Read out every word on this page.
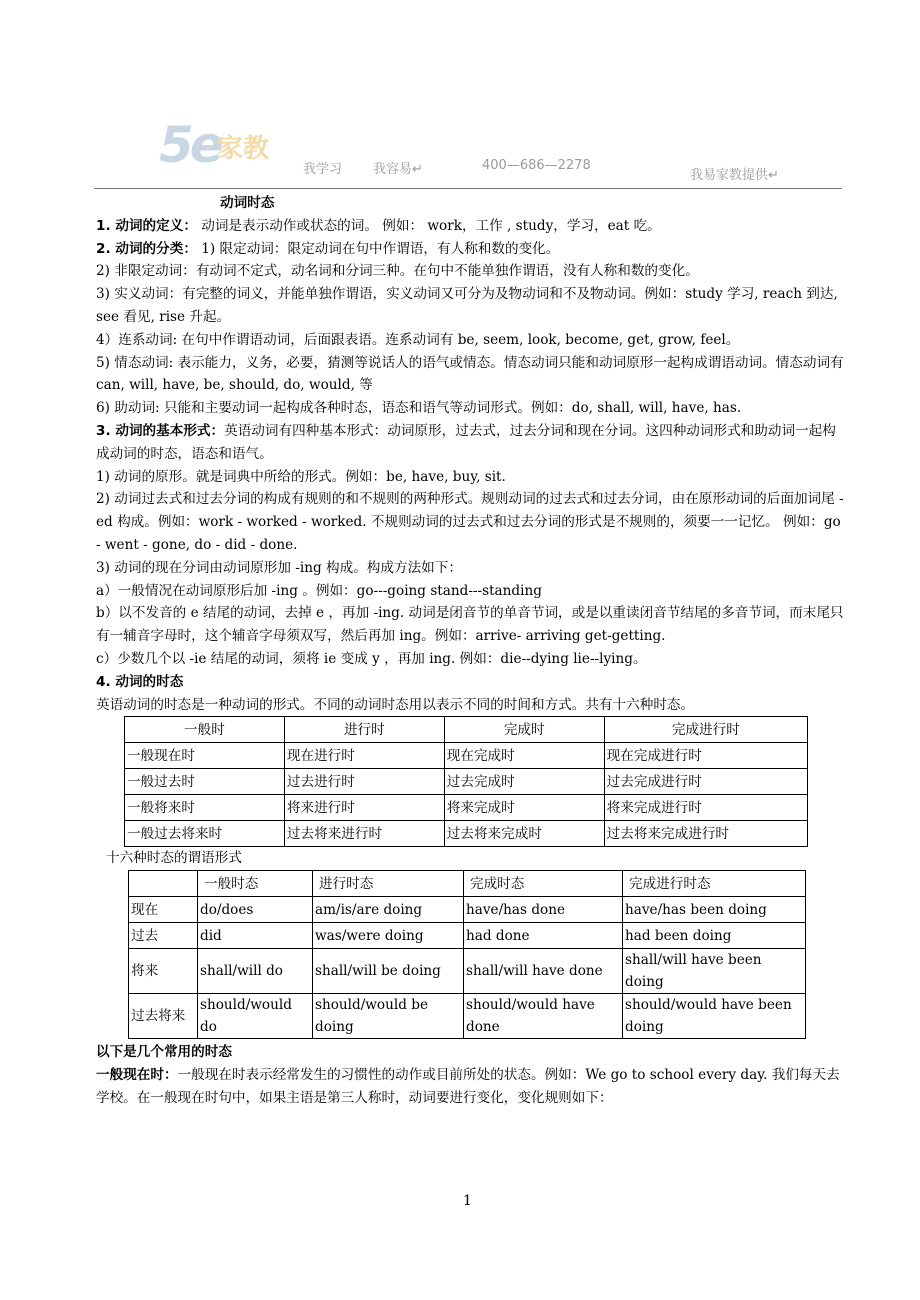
5e
家教
我学习 我容易↵	400—686—2278
我易家教提供↵

动词时态

1. 动词的定义： 动词是表示动作或状态的词。 例如： work，工作 , study，学习，eat 吃。

2. 动词的分类： 1) 限定动词：限定动词在句中作谓语，有人称和数的变化。

2) 非限定动词：有动词不定式，动名词和分词三种。在句中不能单独作谓语，没有人称和数的变化。

3) 实义动词：有完整的词义，并能单独作谓语，实义动词又可分为及物动词和不及物动词。例如：study 学习, reach 到达, see 看见, rise 升起。

4）连系动词: 在句中作谓语动词，后面跟表语。连系动词有 be, seem, look, become, get, grow, feel。

5) 情态动词: 表示能力，义务，必要，猜测等说话人的语气或情态。情态动词只能和动词原形一起构成谓语动词。情态动词有 can, will, have, be, should, do, would, 等

6) 助动词: 只能和主要动词一起构成各种时态，语态和语气等动词形式。例如：do, shall, will, have, has.

3. 动词的基本形式：英语动词有四种基本形式：动词原形，过去式，过去分词和现在分词。这四种动词形式和助动词一起构成动词的时态，语态和语气。

1) 动词的原形。就是词典中所给的形式。例如：be, have, buy, sit.

2) 动词过去式和过去分词的构成有规则的和不规则的两种形式。规则动词的过去式和过去分词，由在原形动词的后面加词尾 -ed 构成。例如：work - worked - worked. 不规则动词的过去式和过去分词的形式是不规则的，须要一一记忆。 例如：go - went - gone, do - did - done.

3) 动词的现在分词由动词原形加 -ing 构成。构成方法如下：

a）一般情况在动词原形后加 -ing 。例如：go---going stand---standing

b）以不发音的 e 结尾的动词，去掉 e ，再加 -ing. 动词是闭音节的单音节词，或是以重读闭音节结尾的多音节词，而末尾只有一辅音字母时，这个辅音字母须双写，然后再加 ing。例如：arrive- arriving get-getting.

c）少数几个以 -ie 结尾的动词，须将 ie 变成 y ，再加 ing. 例如：die--dying lie--lying。

4. 动词的时态

英语动词的时态是一种动词的形式。不同的动词时态用以表示不同的时间和方式。共有十六种时态。

一般时	进行时	完成时	完成进行时
一般现在时	现在进行时	现在完成时	现在完成进行时
一般过去时	过去进行时	过去完成时	过去完成进行时
一般将来时	将来进行时	将来完成时	将来完成进行时
一般过去将来时	过去将来进行时	过去将来完成时	过去将来完成进行时

十六种时态的谓语形式

	一般时态	进行时态	完成时态	完成进行时态
现在	do/does	am/is/are doing	have/has done	have/has been doing
过去	did	was/were doing	had done	had been doing
将来	shall/will do	shall/will be doing	shall/will have done	shall/will have been doing
过去将来	should/would do	should/would be doing	should/would have done	should/would have been doing

以下是几个常用的时态

一般现在时：一般现在时表示经常发生的习惯性的动作或目前所处的状态。例如：We go to school every day. 我们每天去学校。在一般现在时句中，如果主语是第三人称时，动词要进行变化，变化规则如下：

1
